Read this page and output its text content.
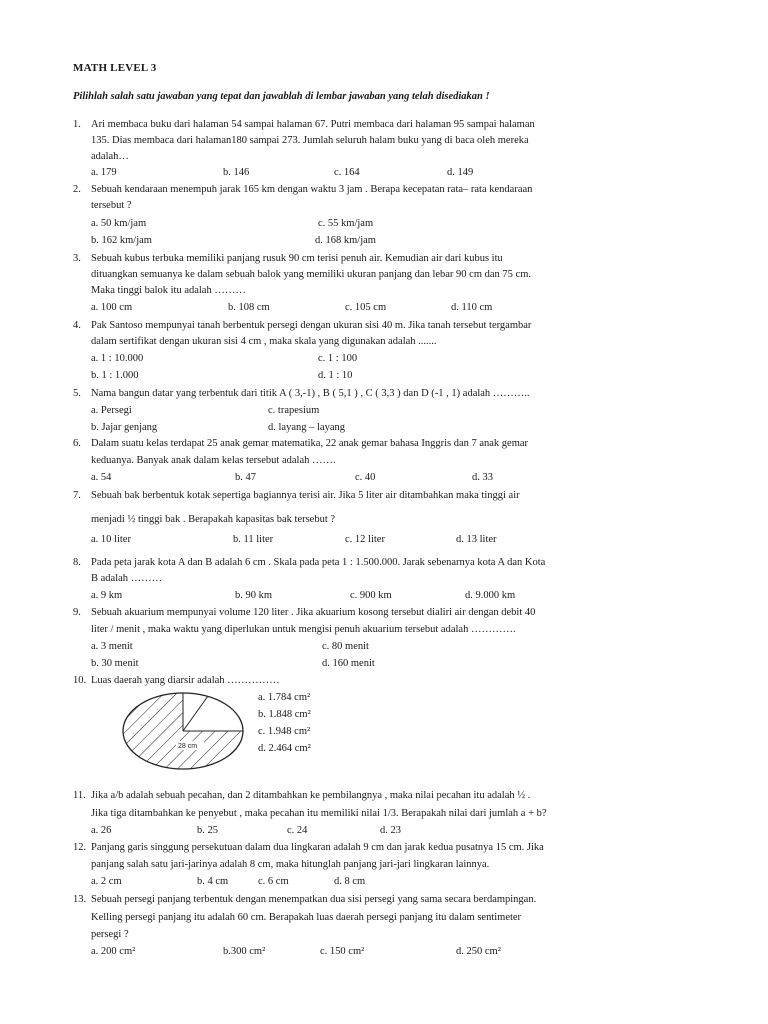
MATH LEVEL 3
Pilihlah salah satu jawaban yang tepat dan jawablah di lembar jawaban yang telah disediakan !
1. Ari membaca buku dari halaman 54 sampai halaman 67. Putri membaca dari halaman 95 sampai halaman
135. Dias membaca dari halaman180 sampai 273. Jumlah seluruh halam buku yang di baca oleh mereka
adalah…
a. 179	b. 146	c. 164	d. 149
2. Sebuah kendaraan menempuh jarak 165 km dengan waktu 3 jam . Berapa kecepatan rata– rata kendaraan
tersebut ?
a. 50 km/jam	c. 55 km/jam
b. 162 km/jam	d. 168 km/jam
3. Sebuah kubus terbuka memiliki panjang rusuk 90 cm terisi penuh air. Kemudian air dari kubus itu
dituangkan semuanya ke dalam sebuah balok yang memiliki ukuran panjang dan lebar 90 cm dan 75 cm.
Maka tinggi balok itu adalah ………
a. 100 cm	b. 108 cm	c. 105 cm	d. 110 cm
4. Pak Santoso mempunyai tanah berbentuk persegi dengan ukuran sisi 40 m. Jika tanah tersebut tergambar
dalam sertifikat dengan ukuran sisi 4 cm , maka skala yang digunakan adalah .......
a. 1 : 10.000	c. 1 : 100
b. 1 : 1.000	d. 1 : 10
5. Nama bangun datar yang terbentuk dari titik A ( 3,-1) , B ( 5,1 ) , C ( 3,3 ) dan D (-1 , 1) adalah ………..
a. Persegi	c. trapesium
b. Jajar genjang	d. layang – layang
6. Dalam suatu kelas terdapat 25 anak gemar matematika, 22 anak gemar bahasa Inggris dan 7 anak gemar
keduanya. Banyak anak dalam kelas tersebut adalah …….
a. 54	b. 47	c. 40	d. 33
7. Sebuah bak berbentuk kotak sepertiga bagiannya terisi air. Jika 5 liter air ditambahkan maka tinggi air
menjadi ½ tinggi bak . Berapakah kapasitas bak tersebut ?
a. 10 liter	b. 11 liter	c. 12 liter	d. 13 liter
8. Pada peta jarak kota A dan B adalah 6 cm . Skala pada peta 1 : 1.500.000. Jarak sebenarnya kota A dan Kota
B adalah ………
a. 9 km	b. 90 km	c. 900 km	d. 9.000 km
9. Sebuah akuarium mempunyai volume 120 liter . Jika akuarium kosong tersebut dialiri air dengan debit 40
liter / menit , maka waktu yang diperlukan untuk mengisi penuh akuarium tersebut adalah ………….
a. 3 menit	c. 80 menit
b. 30 menit	d. 160 menit
10. Luas daerah yang diarsir adalah ……………
a. 1.784 cm²
b. 1.848 cm²
c. 1.948 cm²
d. 2.464 cm²
28 cm
11. Jika a/b adalah sebuah pecahan, dan 2 ditambahkan ke pembilangnya , maka nilai pecahan itu adalah ½ .
Jika tiga ditambahkan ke penyebut , maka pecahan itu memiliki nilai 1/3. Berapakah nilai dari jumlah a + b?
a. 26	b. 25	c. 24	d. 23
12. Panjang garis singgung persekutuan dalam dua lingkaran adalah 9 cm dan jarak kedua pusatnya 15 cm. Jika
panjang salah satu jari-jarinya adalah 8 cm, maka hitunglah panjang jari-jari lingkaran lainnya.
a. 2 cm	b. 4 cm	c. 6 cm	d. 8 cm
13. Sebuah persegi panjang terbentuk dengan menempatkan dua sisi persegi yang sama secara berdampingan.
Kelling persegi panjang itu adalah 60 cm. Berapakah luas daerah persegi panjang itu dalam sentimeter
persegi ?
a. 200 cm²	b.300 cm²	c. 150 cm²	d. 250 cm²
